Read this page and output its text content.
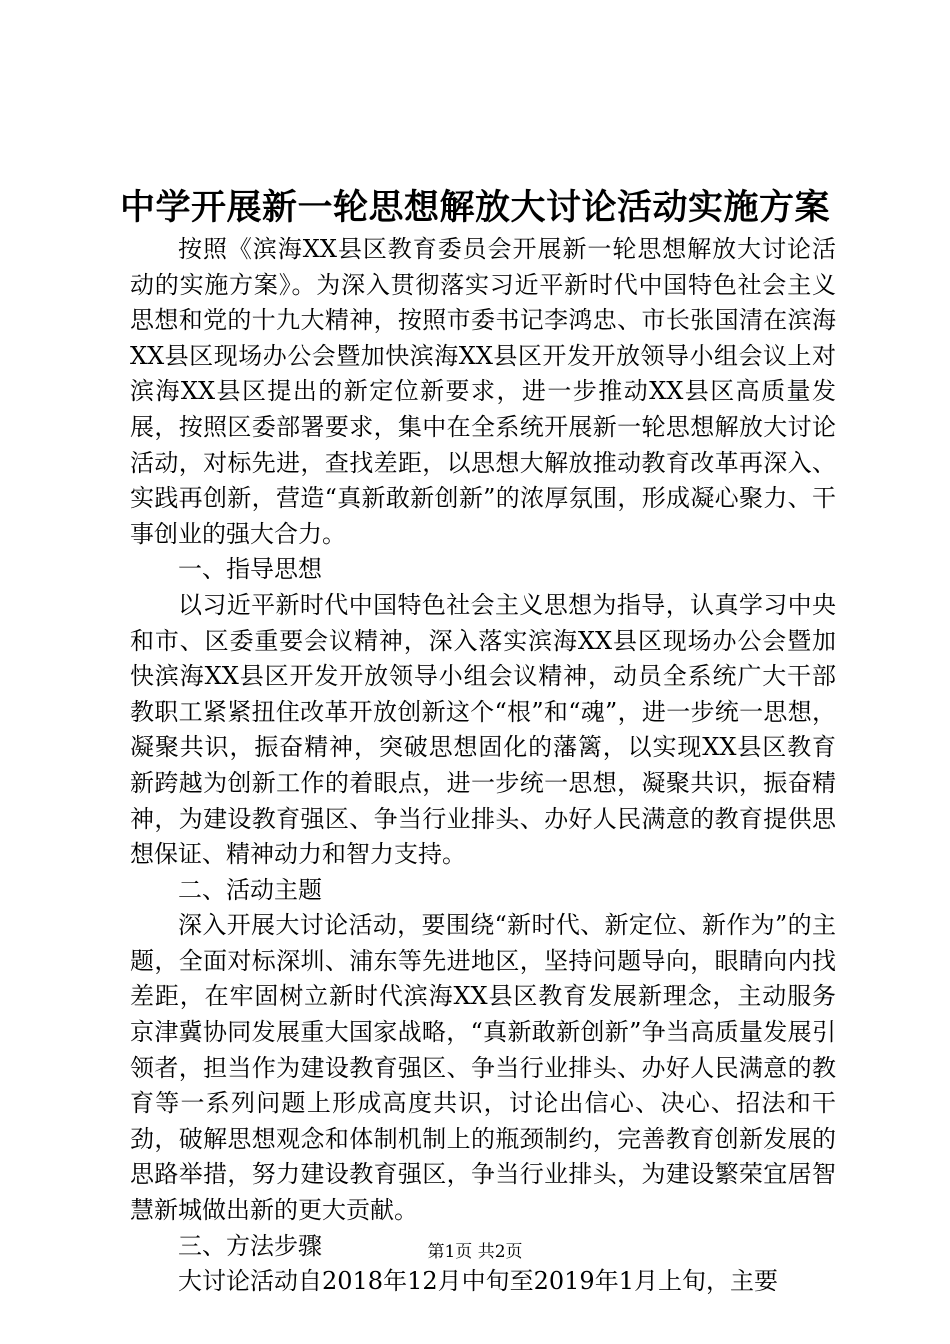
中学开展新一轮思想解放大讨论活动实施方案

按照《滨海XX县区教育委员会开展新一轮思想解放大讨论活动的实施方案》。为深入贯彻落实习近平新时代中国特色社会主义思想和党的十九大精神，按照市委书记李鸿忠、市长张国清在滨海XX县区现场办公会暨加快滨海XX县区开发开放领导小组会议上对滨海XX县区提出的新定位新要求，进一步推动XX县区高质量发展，按照区委部署要求，集中在全系统开展新一轮思想解放大讨论活动，对标先进，查找差距，以思想大解放推动教育改革再深入、实践再创新，营造“真新敢新创新”的浓厚氛围，形成凝心聚力、干事创业的强大合力。

一、指导思想

以习近平新时代中国特色社会主义思想为指导，认真学习中央和市、区委重要会议精神，深入落实滨海XX县区现场办公会暨加快滨海XX县区开发开放领导小组会议精神，动员全系统广大干部教职工紧紧扭住改革开放创新这个“根”和“魂”，进一步统一思想，凝聚共识，振奋精神，突破思想固化的藩篱，以实现XX县区教育新跨越为创新工作的着眼点，进一步统一思想，凝聚共识，振奋精神，为建设教育强区、争当行业排头、办好人民满意的教育提供思想保证、精神动力和智力支持。

二、活动主题

深入开展大讨论活动，要围绕“新时代、新定位、新作为”的主题，全面对标深圳、浦东等先进地区，坚持问题导向，眼睛向内找差距，在牢固树立新时代滨海XX县区教育发展新理念，主动服务京津冀协同发展重大国家战略，“真新敢新创新”争当高质量发展引领者，担当作为建设教育强区、争当行业排头、办好人民满意的教育等一系列问题上形成高度共识，讨论出信心、决心、招法和干劲，破解思想观念和体制机制上的瓶颈制约，完善教育创新发展的思路举措，努力建设教育强区，争当行业排头，为建设繁荣宜居智慧新城做出新的更大贡献。

三、方法步骤

大讨论活动自2018年12月中旬至2019年1月上旬，主要

第1页 共2页
